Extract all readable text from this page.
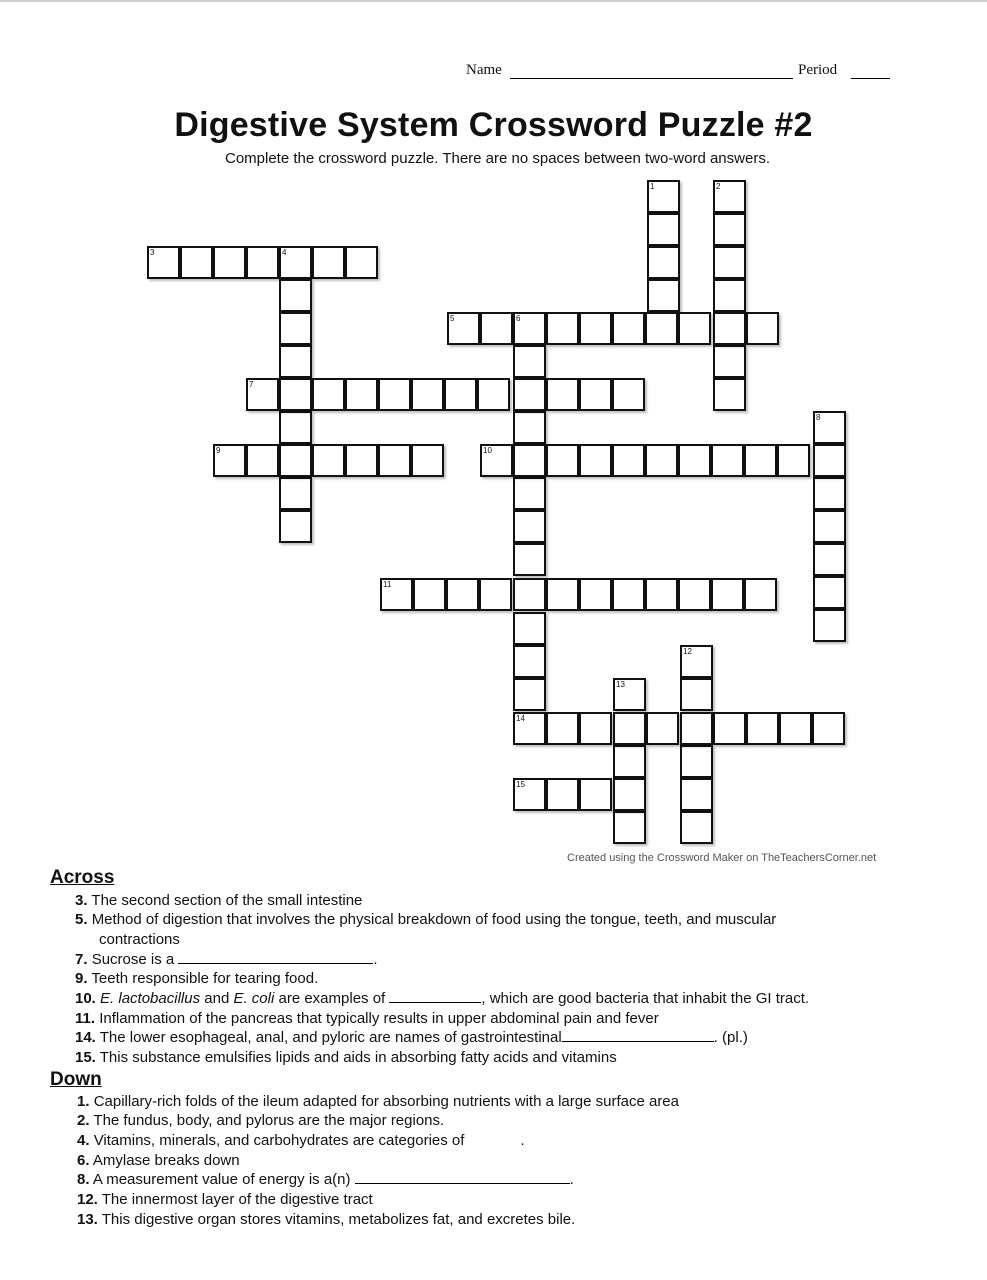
Name	Period
Digestive System Crossword Puzzle #2
Complete the crossword puzzle. There are no spaces between two-word answers.
1	2
3	4
5	6
7
8
9	10
11
12
13
14
15
Created using the Crossword Maker on TheTeachersCorner.net
Across
3. The second section of the small intestine
5. Method of digestion that involves the physical breakdown of food using the tongue, teeth, and muscular
contractions
7. Sucrose is a	.
9. Teeth responsible for tearing food.
10. E. lactobacillus and E. coli are examples of	, which are good bacteria that inhabit the GI tract.
11. Inflammation of the pancreas that typically results in upper abdominal pain and fever
14. The lower esophageal, anal, and pyloric are names of gastrointestinal	. (pl.)
15. This substance emulsifies lipids and aids in absorbing fatty acids and vitamins
Down
1. Capillary-rich folds of the ileum adapted for absorbing nutrients with a large surface area
2. The fundus, body, and pylorus are the major regions.
4. Vitamins, minerals, and carbohydrates are categories of	.
6. Amylase breaks down
8. A measurement value of energy is a(n)	.
12. The innermost layer of the digestive tract
13. This digestive organ stores vitamins, metabolizes fat, and excretes bile.
